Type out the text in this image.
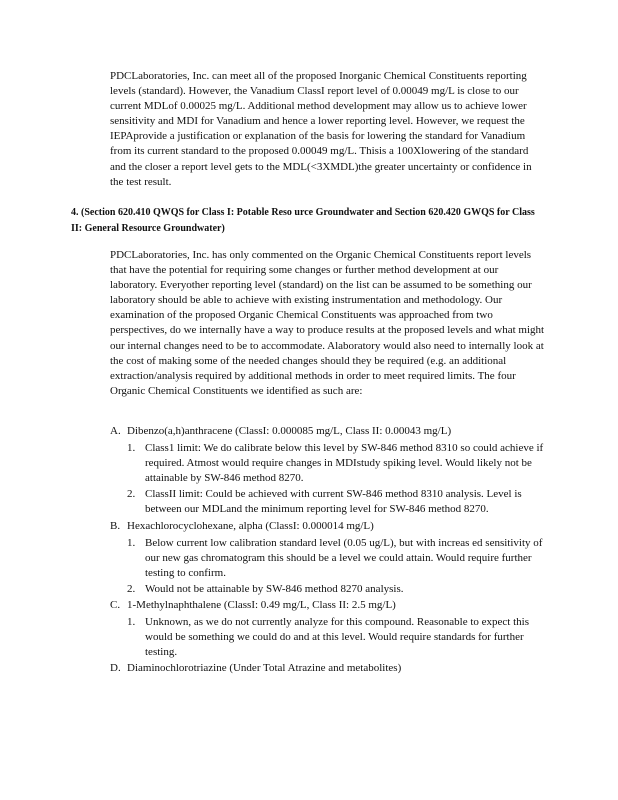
PDCLaboratories, Inc. can meet all of the proposed Inorganic Chemical Constituents reporting levels (standard). However, the Vanadium ClassI report level of 0.00049 mg/L is close to our current MDLof 0.00025 mg/L. Additional method development may allow us to achieve lower sensitivity and MDI for Vanadium and hence a lower reporting level. However, we request the IEPAprovide a justification or explanation of the basis for lowering the standard for Vanadium from its current standard to the proposed 0.00049 mg/L. Thisis a 100Xlowering of the standard and the closer a report level gets to the MDL(<3XMDL)the greater uncertainty or confidence in the test result.

4. (Section 620.410 QWQS for Class I: Potable Reso urce Groundwater and Section 620.420 GWQS for Class II: General Resource Groundwater)

PDCLaboratories, Inc. has only commented on the Organic Chemical Constituents report levels that have the potential for requiring some changes or further method development at our laboratory. Everyother reporting level (standard) on the list can be assumed to be something our laboratory should be able to achieve with existing instrumentation and methodology. Our examination of the proposed Organic Chemical Constituents was approached from two perspectives, do we internally have a way to produce results at the proposed levels and what might our internal changes need to be to accommodate. Alaboratory would also need to internally look at the cost of making some of the needed changes should they be required (e.g. an additional extraction/analysis required by additional methods in order to meet required limits. The four Organic Chemical Constituents we identified as such are:

A. Dibenzo(a,h)anthracene (ClassI: 0.000085 mg/L, Class II: 0.00043 mg/L)
1. Class1 limit: We do calibrate below this level by SW-846 method 8310 so could achieve if required. Atmost would require changes in MDIstudy spiking level. Would likely not be attainable by SW-846 method 8270.
2. ClassII limit: Could be achieved with current SW-846 method 8310 analysis. Level is between our MDLand the minimum reporting level for SW-846 method 8270.
B. Hexachlorocyclohexane, alpha (ClassI: 0.000014 mg/L)
1. Below current low calibration standard level (0.05 ug/L), but with increas ed sensitivity of our new gas chromatogram this should be a level we could attain. Would require further testing to confirm.
2. Would not be attainable by SW-846 method 8270 analysis.
C. 1-Methylnaphthalene (ClassI: 0.49 mg/L, Class II: 2.5 mg/L)
1. Unknown, as we do not currently analyze for this compound. Reasonable to expect this would be something we could do and at this level. Would require standards for further testing.
D. Diaminochlorotriazine (Under Total Atrazine and metabolites)
